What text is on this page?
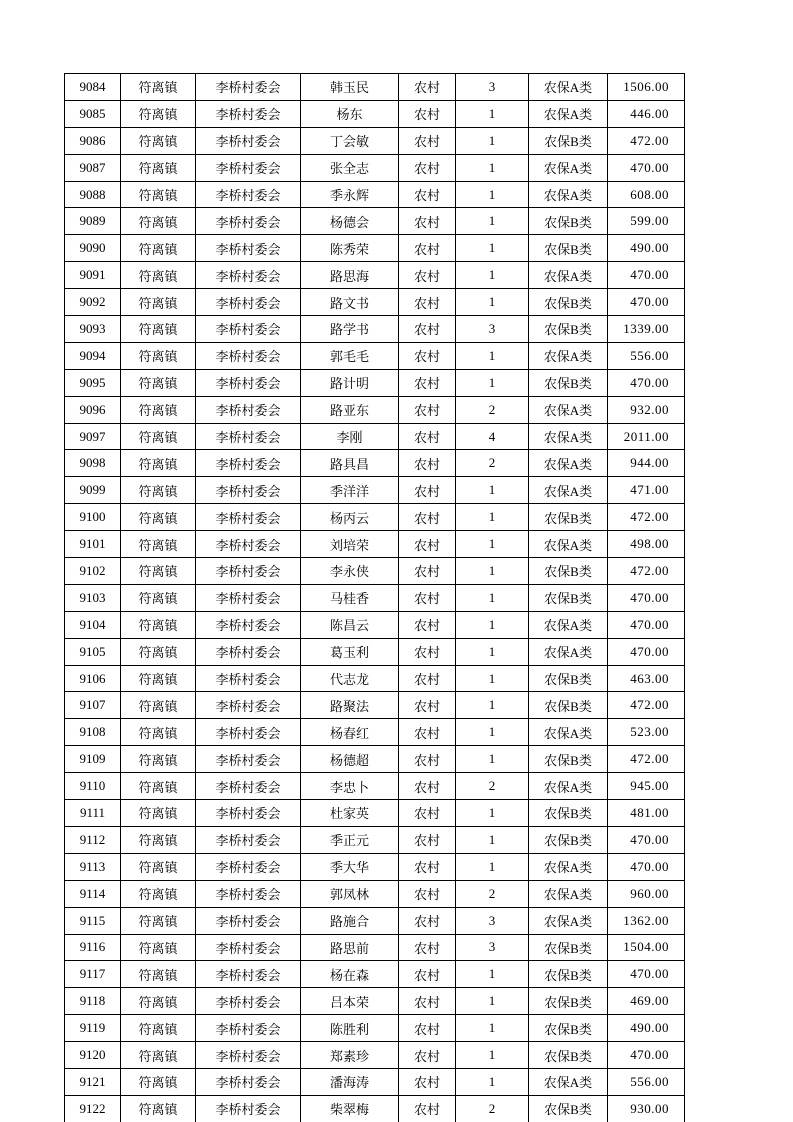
9084	符离镇	李桥村委会	韩玉民	农村	3	农保A类	1506.00
9085	符离镇	李桥村委会	杨东	农村	1	农保A类	446.00
9086	符离镇	李桥村委会	丁会敏	农村	1	农保B类	472.00
9087	符离镇	李桥村委会	张全志	农村	1	农保A类	470.00
9088	符离镇	李桥村委会	季永辉	农村	1	农保A类	608.00
9089	符离镇	李桥村委会	杨德会	农村	1	农保B类	599.00
9090	符离镇	李桥村委会	陈秀荣	农村	1	农保B类	490.00
9091	符离镇	李桥村委会	路思海	农村	1	农保A类	470.00
9092	符离镇	李桥村委会	路文书	农村	1	农保B类	470.00
9093	符离镇	李桥村委会	路学书	农村	3	农保B类	1339.00
9094	符离镇	李桥村委会	郭毛毛	农村	1	农保A类	556.00
9095	符离镇	李桥村委会	路计明	农村	1	农保B类	470.00
9096	符离镇	李桥村委会	路亚东	农村	2	农保A类	932.00
9097	符离镇	李桥村委会	李刚	农村	4	农保A类	2011.00
9098	符离镇	李桥村委会	路具昌	农村	2	农保A类	944.00
9099	符离镇	李桥村委会	季洋洋	农村	1	农保A类	471.00
9100	符离镇	李桥村委会	杨丙云	农村	1	农保B类	472.00
9101	符离镇	李桥村委会	刘培荣	农村	1	农保A类	498.00
9102	符离镇	李桥村委会	李永侠	农村	1	农保B类	472.00
9103	符离镇	李桥村委会	马桂香	农村	1	农保B类	470.00
9104	符离镇	李桥村委会	陈昌云	农村	1	农保A类	470.00
9105	符离镇	李桥村委会	葛玉利	农村	1	农保A类	470.00
9106	符离镇	李桥村委会	代志龙	农村	1	农保B类	463.00
9107	符离镇	李桥村委会	路聚法	农村	1	农保B类	472.00
9108	符离镇	李桥村委会	杨春红	农村	1	农保A类	523.00
9109	符离镇	李桥村委会	杨德超	农村	1	农保B类	472.00
9110	符离镇	李桥村委会	李忠卜	农村	2	农保A类	945.00
9111	符离镇	李桥村委会	杜家英	农村	1	农保B类	481.00
9112	符离镇	李桥村委会	季正元	农村	1	农保B类	470.00
9113	符离镇	李桥村委会	季大华	农村	1	农保A类	470.00
9114	符离镇	李桥村委会	郭凤林	农村	2	农保A类	960.00
9115	符离镇	李桥村委会	路施合	农村	3	农保A类	1362.00
9116	符离镇	李桥村委会	路思前	农村	3	农保B类	1504.00
9117	符离镇	李桥村委会	杨在森	农村	1	农保B类	470.00
9118	符离镇	李桥村委会	吕本荣	农村	1	农保B类	469.00
9119	符离镇	李桥村委会	陈胜利	农村	1	农保B类	490.00
9120	符离镇	李桥村委会	郑素珍	农村	1	农保B类	470.00
9121	符离镇	李桥村委会	潘海涛	农村	1	农保A类	556.00
9122	符离镇	李桥村委会	柴翠梅	农村	2	农保B类	930.00
